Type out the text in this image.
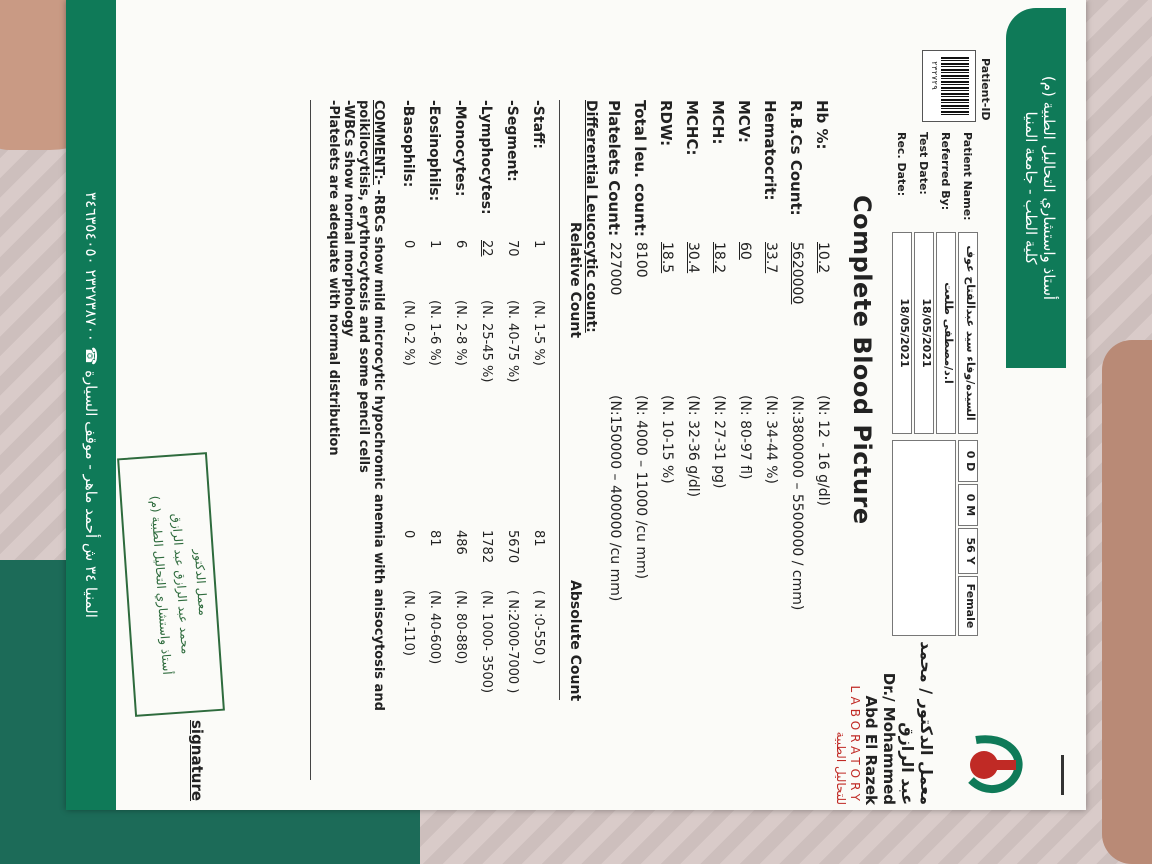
أستاذ واستشاري التحاليل الطبية (م)
كلية الطب - جامعة المنيا
معمل الدكتور / محمد عبد الرازق
Dr./ Mohammed Abd El Razek
LABORATORY
للتحاليل الطبية
Patient-ID
٢٣٢٧٢٩
Patient Name:
السيده/وفاء سيد عبدالفتاح عوف
0 D
0 M
56 Y
Female
Referred By:
ا.د/مصطفى طلعت
Test Date:
18/05/2021
Rec. Date:
18/05/2021
Complete Blood Picture
Hb %:
10.2
(N: 12 - 16 g/dl)
R.B.Cs Count:
5620000
(N:3800000 – 5500000 / cmm)
Hematocrit:
33.7
(N: 34-44 %)
MCV:
60
(N: 80-97 fl)
MCH:
18.2
(N: 27-31 pg)
MCHC:
30.4
(N: 32-36 g/dl)
RDW:
18.5
(N. 10-15 %)
Total leu. count:
8100
(N: 4000 – 11000 /cu mm)
Platelets Count:
227000
(N:150000 – 400000 /cu mm)
Differential Leucocytic count:
Relative Count
Absolute Count
-Staff:
1
(N. 1-5 %)
81
( N :0-550 )
-Segment:
70
(N. 40-75 %)
5670
( N:2000-7000 )
-Lymphocytes:
22
(N. 25-45 %)
1782
(N. 1000- 3500)
-Monocytes:
6
(N. 2-8 %)
486
(N. 80-880)
-Eosinophils:
1
(N. 1-6 %)
81
(N. 40-600)
-Basophils:
0
(N. 0-2 %)
0
(N. 0-110)
COMMENT:- -RBCs show mild microcytic hypochromic anemia with anisocytosis and
poikilocytisis, erythrocytosis and some pencil cells
-WBCs show normal morphology
-Platelets are adequate with normal distribution
معمل الدكتور
محمد عبد الرازق عبد الرازق
أستاذ واستشاري التحاليل الطبية (م)
signature
المنيا ٣٤ ش أحمد ماهر - موقف السيارة ☎ ٢٣٢٧٣٨٧٠٠ ٣٤٦٣٥٤٠٥٠
